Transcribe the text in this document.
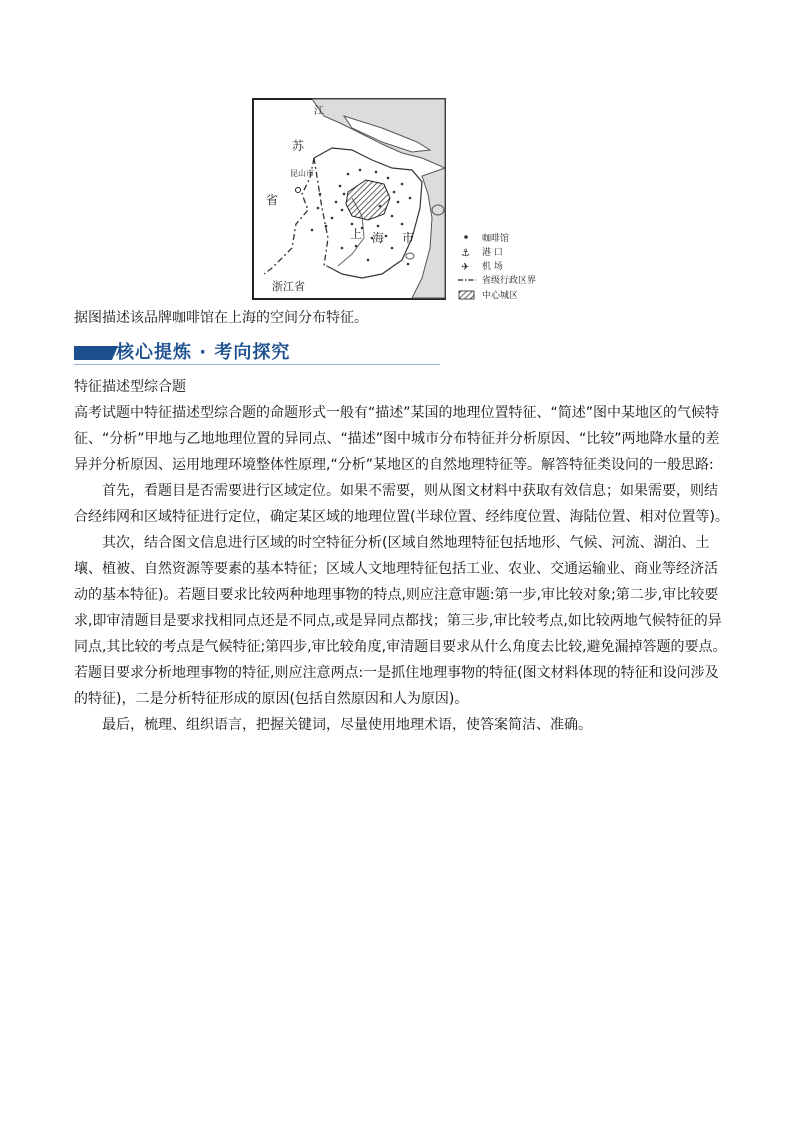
江
苏
省
昆山市
上 海 市
浙江省
咖啡馆
⚓ 港 口
✈ 机 场
省级行政区界
中心城区
据图描述该品牌咖啡馆在上海的空间分布特征。
核心提炼 · 考向探究

特征描述型综合题

高考试题中特征描述型综合题的命题形式一般有“描述”某国的地理位置特征、“简述”图中某地区的气候特征、“分析”甲地与乙地地理位置的异同点、“描述”图中城市分布特征并分析原因、“比较”两地降水量的差异并分析原因、运用地理环境整体性原理,“分析”某地区的自然地理特征等。解答特征类设问的一般思路:

首先，看题目是否需要进行区域定位。如果不需要，则从图文材料中获取有效信息；如果需要，则结合经纬网和区域特征进行定位，确定某区域的地理位置(半球位置、经纬度位置、海陆位置、相对位置等)。

其次，结合图文信息进行区域的时空特征分析(区域自然地理特征包括地形、气候、河流、湖泊、土壤、植被、自然资源等要素的基本特征；区域人文地理特征包括工业、农业、交通运输业、商业等经济活动的基本特征)。若题目要求比较两种地理事物的特点,则应注意审题:第一步,审比较对象;第二步,审比较要求,即审清题目是要求找相同点还是不同点,或是异同点都找；第三步,审比较考点,如比较两地气候特征的异同点,其比较的考点是气候特征;第四步,审比较角度,审清题目要求从什么角度去比较,避免漏掉答题的要点。若题目要求分析地理事物的特征,则应注意两点:一是抓住地理事物的特征(图文材料体现的特征和设问涉及的特征)，二是分析特征形成的原因(包括自然原因和人为原因)。

最后，梳理、组织语言，把握关键词，尽量使用地理术语，使答案简洁、准确。
